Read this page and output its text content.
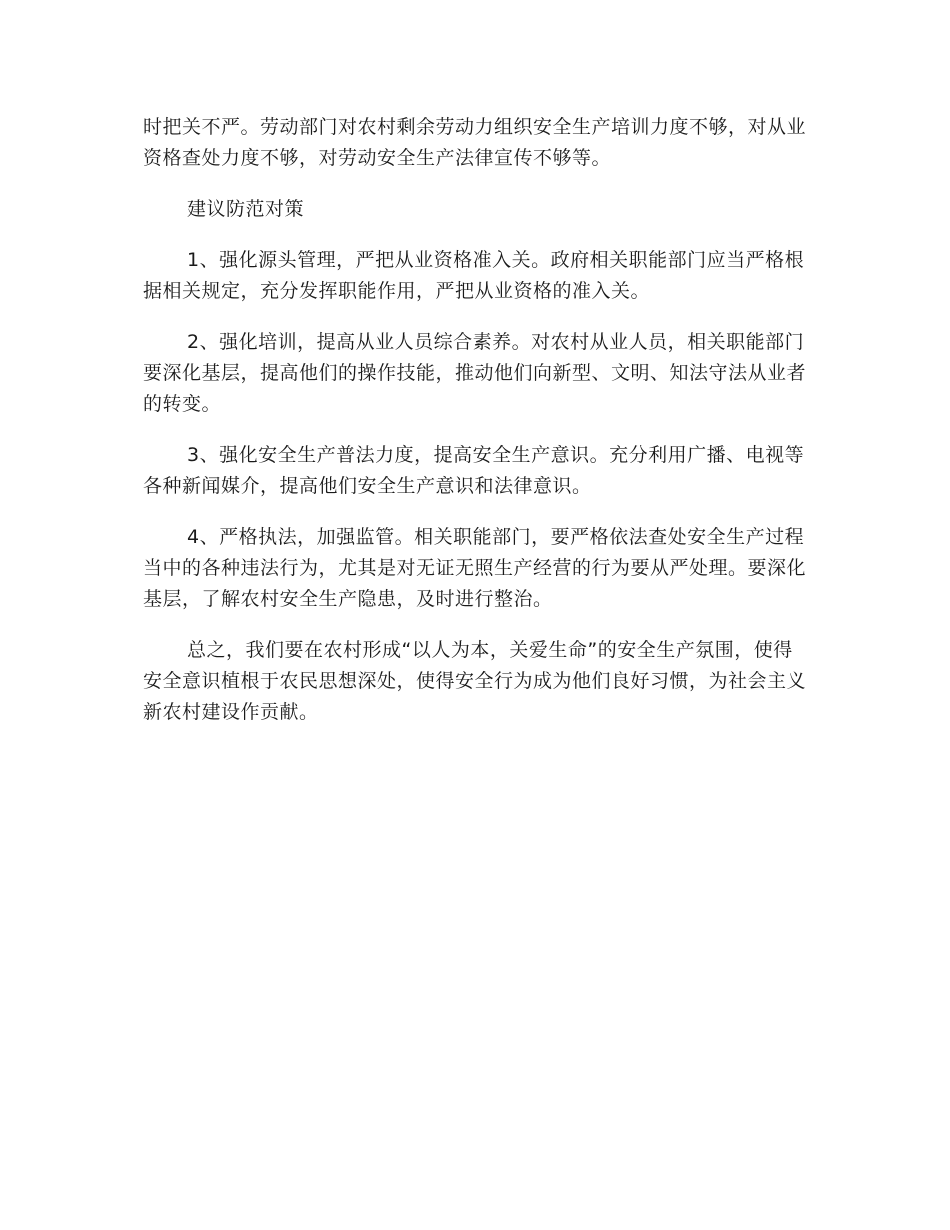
时把关不严。劳动部门对农村剩余劳动力组织安全生产培训力度不够，对从业资格查处力度不够，对劳动安全生产法律宣传不够等。

建议防范对策

1、强化源头管理，严把从业资格准入关。政府相关职能部门应当严格根据相关规定，充分发挥职能作用，严把从业资格的准入关。

2、强化培训，提高从业人员综合素养。对农村从业人员，相关职能部门要深化基层，提高他们的操作技能，推动他们向新型、文明、知法守法从业者的转变。

3、强化安全生产普法力度，提高安全生产意识。充分利用广播、电视等各种新闻媒介，提高他们安全生产意识和法律意识。

4、严格执法，加强监管。相关职能部门，要严格依法查处安全生产过程当中的各种违法行为，尤其是对无证无照生产经营的行为要从严处理。要深化基层，了解农村安全生产隐患，及时进行整治。

总之，我们要在农村形成“以人为本，关爱生命”的安全生产氛围，使得安全意识植根于农民思想深处，使得安全行为成为他们良好习惯，为社会主义新农村建设作贡献。
